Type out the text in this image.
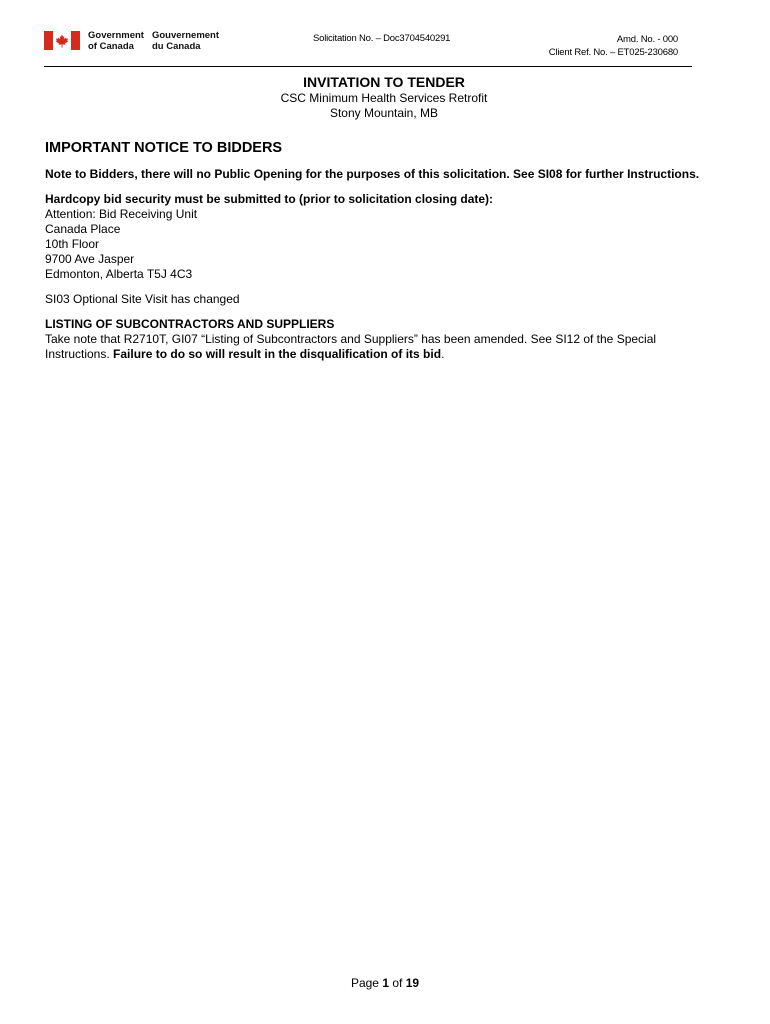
Government
of Canada
Gouvernement
du Canada
Solicitation No. – Doc3704540291	Amd. No. - 000
Client Ref. No. – ET025-230680

INVITATION TO TENDER

CSC Minimum Health Services Retrofit

Stony Mountain, MB

IMPORTANT NOTICE TO BIDDERS

Note to Bidders, there will no Public Opening for the purposes of this solicitation. See SI08 for further Instructions.

Hardcopy bid security must be submitted to (prior to solicitation closing date):
Attention: Bid Receiving Unit
Canada Place
10th Floor
9700 Ave Jasper
Edmonton, Alberta T5J 4C3

SI03 Optional Site Visit has changed

LISTING OF SUBCONTRACTORS AND SUPPLIERS
Take note that R2710T, GI07 “Listing of Subcontractors and Suppliers” has been amended. See SI12 of the Special Instructions. Failure to do so will result in the disqualification of its bid.
Page 1 of 19
